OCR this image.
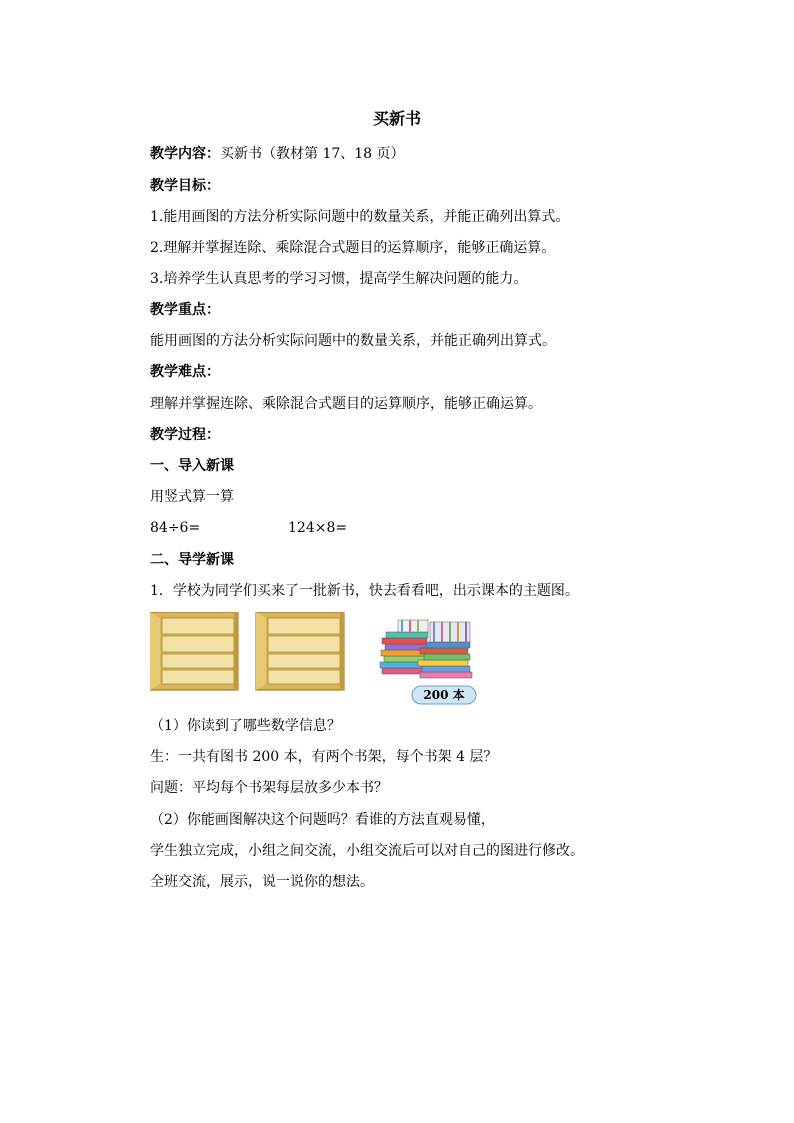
买新书
教学内容：买新书（教材第 17、18 页）
教学目标：
1.能用画图的方法分析实际问题中的数量关系，并能正确列出算式。
2.理解并掌握连除、乘除混合式题目的运算顺序，能够正确运算。
3.培养学生认真思考的学习习惯，提高学生解决问题的能力。
教学重点：
能用画图的方法分析实际问题中的数量关系，并能正确列出算式。
教学难点：
理解并掌握连除、乘除混合式题目的运算顺序，能够正确运算。
教学过程：
一、导入新课
用竖式算一算
84÷6=	124×8=
二、导学新课
1．学校为同学们买来了一批新书，快去看看吧，出示课本的主题图。
200 本
（1）你读到了哪些数学信息？
生：一共有图书 200 本，有两个书架，每个书架 4 层？
问题：平均每个书架每层放多少本书？
（2）你能画图解决这个问题吗？看谁的方法直观易懂，
学生独立完成，小组之间交流，小组交流后可以对自己的图进行修改。
全班交流，展示，说一说你的想法。
